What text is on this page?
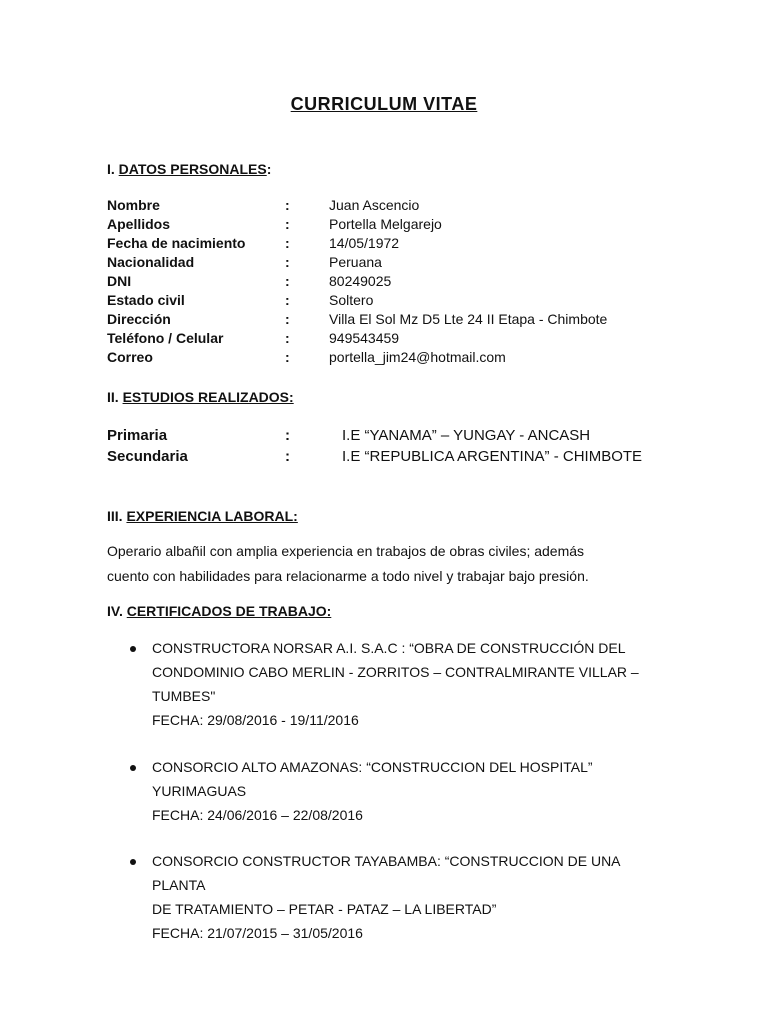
CURRICULUM VITAE
I. DATOS PERSONALES:
Nombre	:	Juan Ascencio
Apellidos	:	Portella Melgarejo
Fecha de nacimiento	:	14/05/1972
Nacionalidad	:	Peruana
DNI	:	80249025
Estado civil	:	Soltero
Dirección	:	Villa El Sol Mz D5 Lte 24 II Etapa - Chimbote
Teléfono / Celular	:	949543459
Correo	:	portella_jim24@hotmail.com
II. ESTUDIOS REALIZADOS:
Primaria	:	I.E “YANAMA” – YUNGAY - ANCASH
Secundaria	:	I.E “REPUBLICA ARGENTINA” - CHIMBOTE
III. EXPERIENCIA LABORAL:
Operario albañil con amplia experiencia en trabajos de obras civiles; además
cuento con habilidades para relacionarme a todo nivel y trabajar bajo presión.
IV. CERTIFICADOS DE TRABAJO:
CONSTRUCTORA NORSAR A.I. S.A.C : “OBRA DE CONSTRUCCIÓN DEL
CONDOMINIO CABO MERLIN - ZORRITOS – CONTRALMIRANTE VILLAR –
TUMBES"
FECHA: 29/08/2016 - 19/11/2016
CONSORCIO ALTO AMAZONAS: “CONSTRUCCION DEL HOSPITAL”
YURIMAGUAS
FECHA: 24/06/2016 – 22/08/2016
CONSORCIO CONSTRUCTOR TAYABAMBA: “CONSTRUCCION DE UNA PLANTA
DE TRATAMIENTO – PETAR - PATAZ – LA LIBERTAD”
FECHA: 21/07/2015 – 31/05/2016
